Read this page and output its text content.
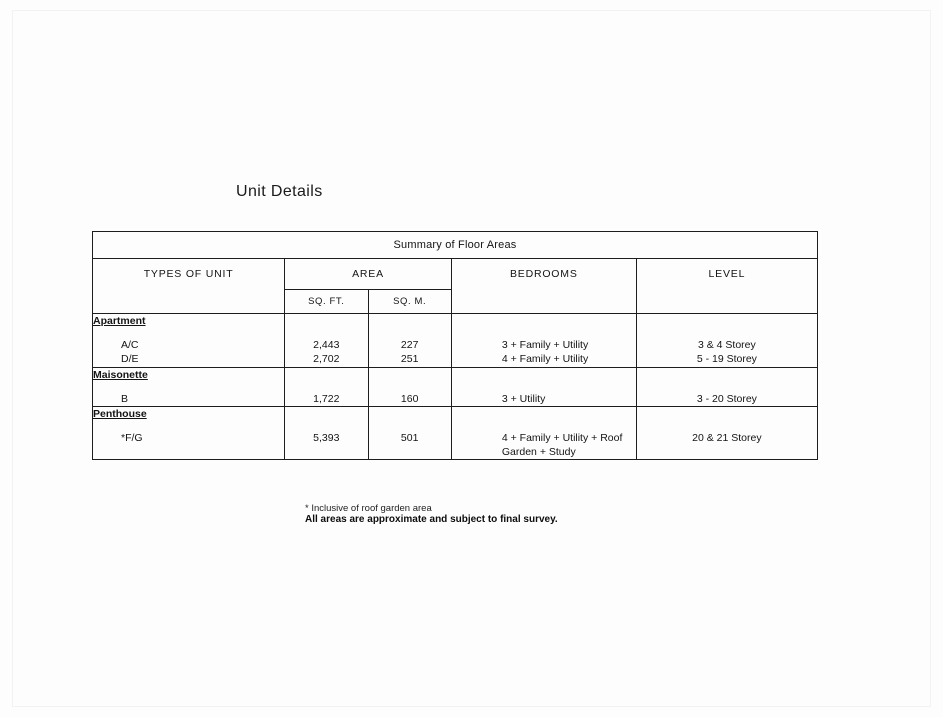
Unit Details
Summary of Floor Areas				
TYPES OF UNIT	AREA		BEDROOMS	LEVEL
	SQ. FT.	SQ. M.		
Apartment				
A/C	2,443	227	3 + Family + Utility	3 & 4 Storey
D/E	2,702	251	4 + Family + Utility	5 - 19 Storey
Maisonette				
B	1,722	160	3 + Utility	3 - 20 Storey
Penthouse				
*F/G	5,393	501	4 + Family + Utility + Roof Garden + Study	20 & 21 Storey
* Inclusive of roof garden area
All areas are approximate and subject to final survey.
